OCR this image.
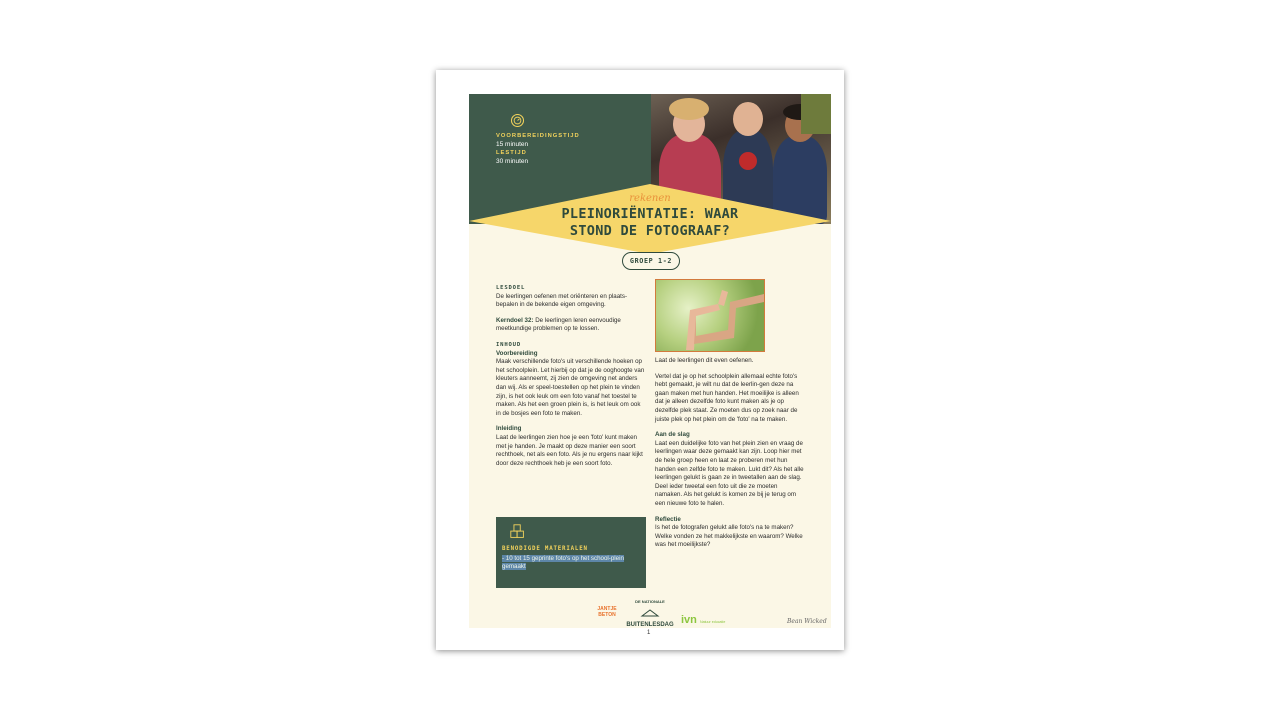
VOORBEREIDINGSTIJD
15 minuten
LESTIJD
30 minuten
rekenen
PLEINORIËNTATIE: WAAR
STOND DE FOTOGRAAF?
GROEP 1-2
LESDOEL

De leerlingen oefenen met oriënteren en plaats-bepalen in de bekende eigen omgeving.

Kerndoel 32: De leerlingen leren eenvoudige meetkundige problemen op te lossen.

INHOUD
Voorbereiding

Maak verschillende foto's uit verschillende hoeken op het schoolplein. Let hierbij op dat je de ooghoogte van kleuters aanneemt, zij zien de omgeving net anders dan wij. Als er speel-toestellen op het plein te vinden zijn, is het ook leuk om een foto vanaf het toestel te maken. Als het een groen plein is, is het leuk om ook in de bosjes een foto te maken.

Inleiding

Laat de leerlingen zien hoe je een 'foto' kunt maken met je handen. Je maakt op deze manier een soort rechthoek, net als een foto. Als je nu ergens naar kijkt door deze rechthoek heb je een soort foto.

BENODIGDE MATERIALEN
- 10 tot 15 geprinte foto's op het school-plein gemaakt

Laat de leerlingen dit even oefenen.

Vertel dat je op het schoolplein allemaal echte foto's hebt gemaakt, je wilt nu dat de leerlin-gen deze na gaan maken met hun handen. Het moeilijke is alleen dat je alleen dezelfde foto kunt maken als je op dezelfde plek staat. Ze moeten dus op zoek naar de juiste plek op het plein om de 'foto' na te maken.

Aan de slag

Laat een duidelijke foto van het plein zien en vraag de leerlingen waar deze gemaakt kan zijn. Loop hier met de hele groep heen en laat ze proberen met hun handen een zelfde foto te maken. Lukt dit? Als het alle leerlingen gelukt is gaan ze in tweetallen aan de slag. Deel ieder tweetal een foto uit die ze moeten namaken. Als het gelukt is komen ze bij je terug om een nieuwe foto te halen.

Reflectie

Is het de fotografen gelukt alle foto's na te maken? Welke vonden ze het makkelijkste en waarom? Welke was het moeilijkste?

JANTJE BETON
DE NATIONALE
BUITENLESDAG ivn Natuur educatie	Bean Wicked
1
